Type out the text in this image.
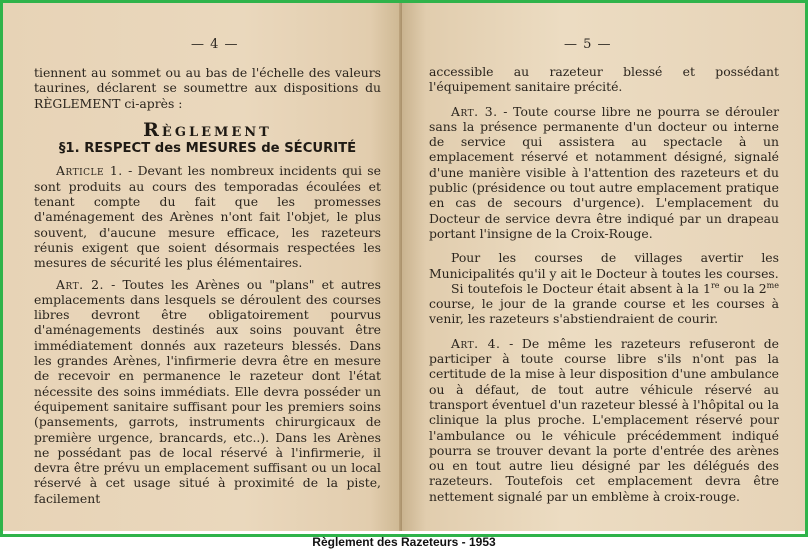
— 4 —

tiennent au sommet ou au bas de l'échelle des valeurs taurines, déclarent se soumettre aux dispositions du RÈGLEMENT ci-après :

Règlement
§1. RESPECT des MESURES de SÉCURITÉ

Article 1. - Devant les nombreux incidents qui se sont produits au cours des temporadas écoulées et tenant compte du fait que les promesses d'aménagement des Arènes n'ont fait l'objet, le plus souvent, d'aucune mesure efficace, les razeteurs réunis exigent que soient désormais respectées les mesures de sécurité les plus élémentaires.

Art. 2. - Toutes les Arènes ou "plans" et autres emplacements dans lesquels se déroulent des courses libres devront être obligatoirement pourvus d'aménagements destinés aux soins pouvant être immédiatement donnés aux razeteurs blessés. Dans les grandes Arènes, l'infirmerie devra être en mesure de recevoir en permanence le razeteur dont l'état nécessite des soins immédiats. Elle devra posséder un équipement sanitaire suffisant pour les premiers soins (pansements, garrots, instruments chirurgicaux de première urgence, brancards, etc..). Dans les Arènes ne possédant pas de local réservé à l'infirmerie, il devra être prévu un emplacement suffisant ou un local réservé à cet usage situé à proximité de la piste, facilement

— 5 —

accessible au razeteur blessé et possédant l'équipement sanitaire précité.

Art. 3. - Toute course libre ne pourra se dérouler sans la présence permanente d'un docteur ou interne de service qui assistera au spectacle à un emplacement réservé et notamment désigné, signalé d'une manière visible à l'attention des razeteurs et du public (présidence ou tout autre emplacement pratique en cas de secours d'urgence). L'emplacement du Docteur de service devra être indiqué par un drapeau portant l'insigne de la Croix-Rouge.

Pour les courses de villages avertir les Municipalités qu'il y ait le Docteur à toutes les courses.

Si toutefois le Docteur était absent à la 1re ou la $2^{me}$ course, le jour de la grande course et les courses à venir, les razeteurs s'abstiendraient de courir.

Art. 4. - De même les razeteurs refuseront de participer à toute course libre s'ils n'ont pas la certitude de la mise à leur disposition d'une ambulance ou à défaut, de tout autre véhicule réservé au transport éventuel d'un razeteur blessé à l'hôpital ou la clinique la plus proche. L'emplacement réservé pour l'ambulance ou le véhicule précédemment indiqué pourra se trouver devant la porte d'entrée des arènes ou en tout autre lieu désigné par les délégués des razeteurs. Toutefois cet emplacement devra être nettement signalé par un emblème à croix-rouge.

Règlement des Razeteurs - 1953
